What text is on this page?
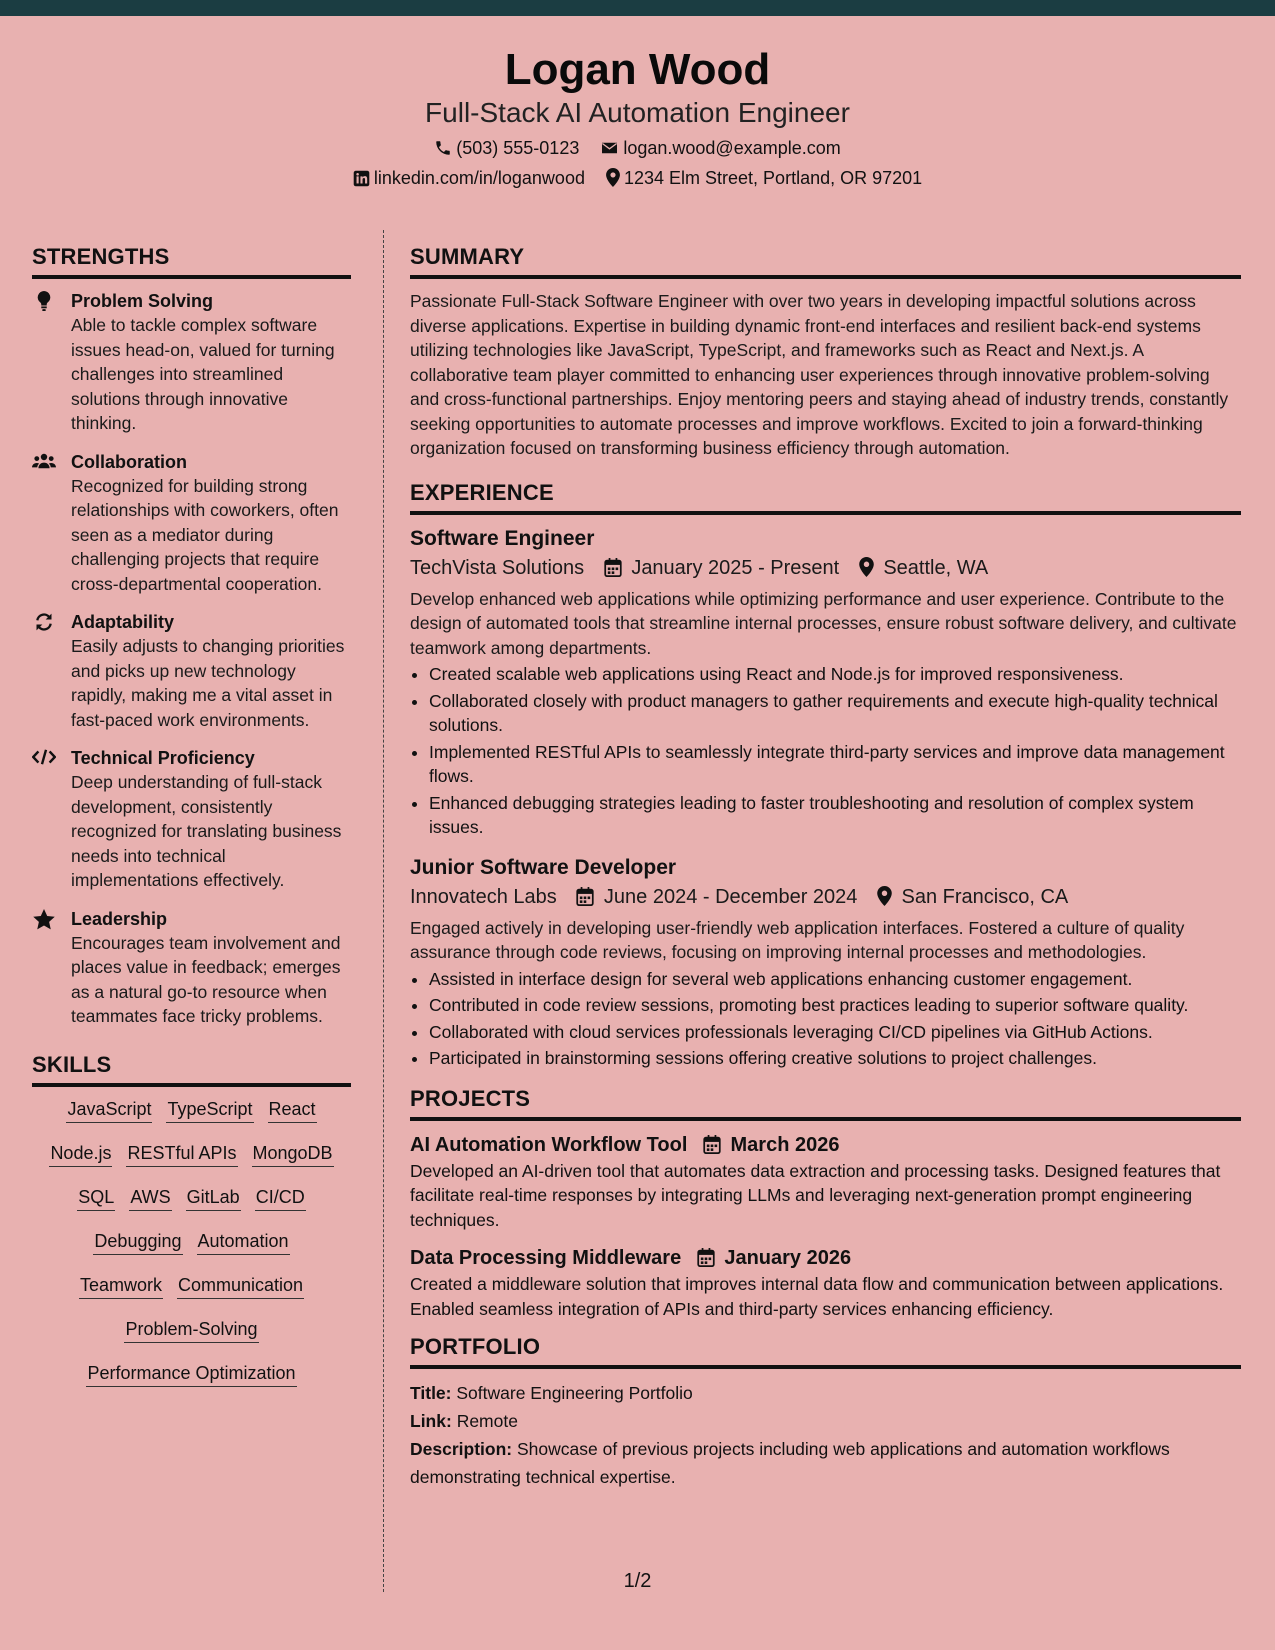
Logan Wood
Full-Stack AI Automation Engineer
(503) 555-0123 logan.wood@example.com
linkedin.com/in/loganwood 1234 Elm Street, Portland, OR 97201
STRENGTHS
Problem Solving
Able to tackle complex software issues head-on, valued for turning challenges into streamlined solutions through innovative thinking.
Collaboration
Recognized for building strong relationships with coworkers, often seen as a mediator during challenging projects that require cross-departmental cooperation.
Adaptability
Easily adjusts to changing priorities and picks up new technology rapidly, making me a vital asset in fast-paced work environments.
Technical Proficiency
Deep understanding of full-stack development, consistently recognized for translating business needs into technical implementations effectively.
Leadership
Encourages team involvement and places value in feedback; emerges as a natural go-to resource when teammates face tricky problems.
SKILLS
JavaScript TypeScript React
Node.js RESTful APIs MongoDB
SQL AWS GitLab CI/CD
Debugging Automation
Teamwork Communication
Problem-Solving
Performance Optimization
SUMMARY
Passionate Full-Stack Software Engineer with over two years in developing impactful solutions across diverse applications. Expertise in building dynamic front-end interfaces and resilient back-end systems utilizing technologies like JavaScript, TypeScript, and frameworks such as React and Next.js. A collaborative team player committed to enhancing user experiences through innovative problem-solving and cross-functional partnerships. Enjoy mentoring peers and staying ahead of industry trends, constantly seeking opportunities to automate processes and improve workflows. Excited to join a forward-thinking organization focused on transforming business efficiency through automation.
EXPERIENCE
Software Engineer
TechVista Solutions January 2025 - Present Seattle, WA
Develop enhanced web applications while optimizing performance and user experience. Contribute to the design of automated tools that streamline internal processes, ensure robust software delivery, and cultivate teamwork among departments.
• Created scalable web applications using React and Node.js for improved responsiveness.
• Collaborated closely with product managers to gather requirements and execute high-quality technical solutions.
• Implemented RESTful APIs to seamlessly integrate third-party services and improve data management flows.
• Enhanced debugging strategies leading to faster troubleshooting and resolution of complex system issues.
Junior Software Developer
Innovatech Labs June 2024 - December 2024 San Francisco, CA
Engaged actively in developing user-friendly web application interfaces. Fostered a culture of quality assurance through code reviews, focusing on improving internal processes and methodologies.
• Assisted in interface design for several web applications enhancing customer engagement.
• Contributed in code review sessions, promoting best practices leading to superior software quality.
• Collaborated with cloud services professionals leveraging CI/CD pipelines via GitHub Actions.
• Participated in brainstorming sessions offering creative solutions to project challenges.
PROJECTS
AI Automation Workflow Tool March 2026
Developed an AI-driven tool that automates data extraction and processing tasks. Designed features that facilitate real-time responses by integrating LLMs and leveraging next-generation prompt engineering techniques.
Data Processing Middleware January 2026
Created a middleware solution that improves internal data flow and communication between applications. Enabled seamless integration of APIs and third-party services enhancing efficiency.
PORTFOLIO
Title: Software Engineering Portfolio
Link: Remote
Description: Showcase of previous projects including web applications and automation workflows demonstrating technical expertise.
1/2
